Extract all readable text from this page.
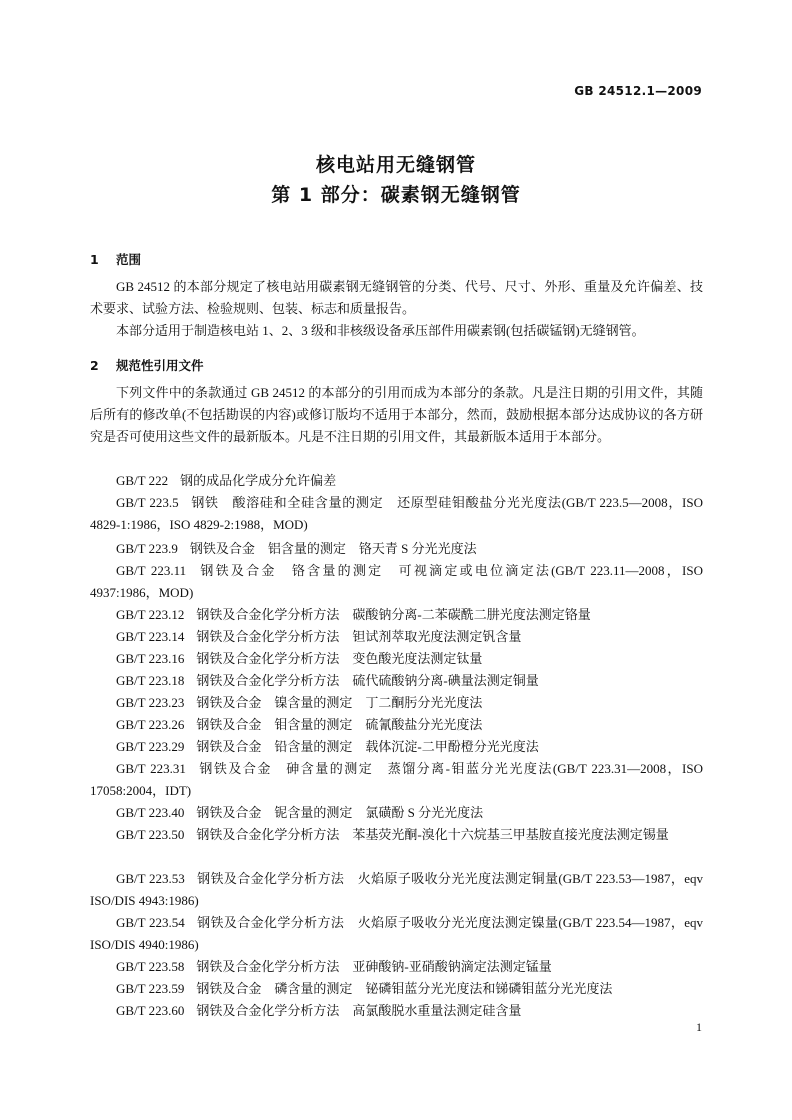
GB 24512.1—2009
核电站用无缝钢管
第 1 部分：碳素钢无缝钢管
1 范围

GB 24512 的本部分规定了核电站用碳素钢无缝钢管的分类、代号、尺寸、外形、重量及允许偏差、技术要求、试验方法、检验规则、包装、标志和质量报告。

本部分适用于制造核电站 1、2、3 级和非核级设备承压部件用碳素钢(包括碳锰钢)无缝钢管。

2 规范性引用文件

下列文件中的条款通过 GB 24512 的本部分的引用而成为本部分的条款。凡是注日期的引用文件，其随后所有的修改单(不包括勘误的内容)或修订版均不适用于本部分，然而，鼓励根据本部分达成协议的各方研究是否可使用这些文件的最新版本。凡是不注日期的引用文件，其最新版本适用于本部分。

GB/T 222 钢的成品化学成分允许偏差

GB/T 223.5 钢铁　酸溶硅和全硅含量的测定　还原型硅钼酸盐分光光度法(GB/T 223.5—2008，ISO 4829-1:1986，ISO 4829-2:1988，MOD)

GB/T 223.9 钢铁及合金　铝含量的测定　铬天青 S 分光光度法

GB/T 223.11 钢铁及合金　铬含量的测定　可视滴定或电位滴定法(GB/T 223.11—2008，ISO 4937:1986，MOD)

GB/T 223.12 钢铁及合金化学分析方法　碳酸钠分离-二苯碳酰二肼光度法测定铬量

GB/T 223.14 钢铁及合金化学分析方法　钽试剂萃取光度法测定钒含量

GB/T 223.16 钢铁及合金化学分析方法　变色酸光度法测定钛量

GB/T 223.18 钢铁及合金化学分析方法　硫代硫酸钠分离-碘量法测定铜量

GB/T 223.23 钢铁及合金　镍含量的测定　丁二酮肟分光光度法

GB/T 223.26 钢铁及合金　钼含量的测定　硫氰酸盐分光光度法

GB/T 223.29 钢铁及合金　铅含量的测定　载体沉淀-二甲酚橙分光光度法

GB/T 223.31 钢铁及合金　砷含量的测定　蒸馏分离-钼蓝分光光度法(GB/T 223.31—2008，ISO 17058:2004，IDT)

GB/T 223.40 钢铁及合金　铌含量的测定　氯磺酚 S 分光光度法

GB/T 223.50 钢铁及合金化学分析方法　苯基荧光酮-溴化十六烷基三甲基胺直接光度法测定锡量

GB/T 223.53 钢铁及合金化学分析方法　火焰原子吸收分光光度法测定铜量(GB/T 223.53—1987，eqv ISO/DIS 4943:1986)

GB/T 223.54 钢铁及合金化学分析方法　火焰原子吸收分光光度法测定镍量(GB/T 223.54—1987，eqv ISO/DIS 4940:1986)

GB/T 223.58 钢铁及合金化学分析方法　亚砷酸钠-亚硝酸钠滴定法测定锰量

GB/T 223.59 钢铁及合金　磷含量的测定　铋磷钼蓝分光光度法和锑磷钼蓝分光光度法

GB/T 223.60 钢铁及合金化学分析方法　高氯酸脱水重量法测定硅含量

1
